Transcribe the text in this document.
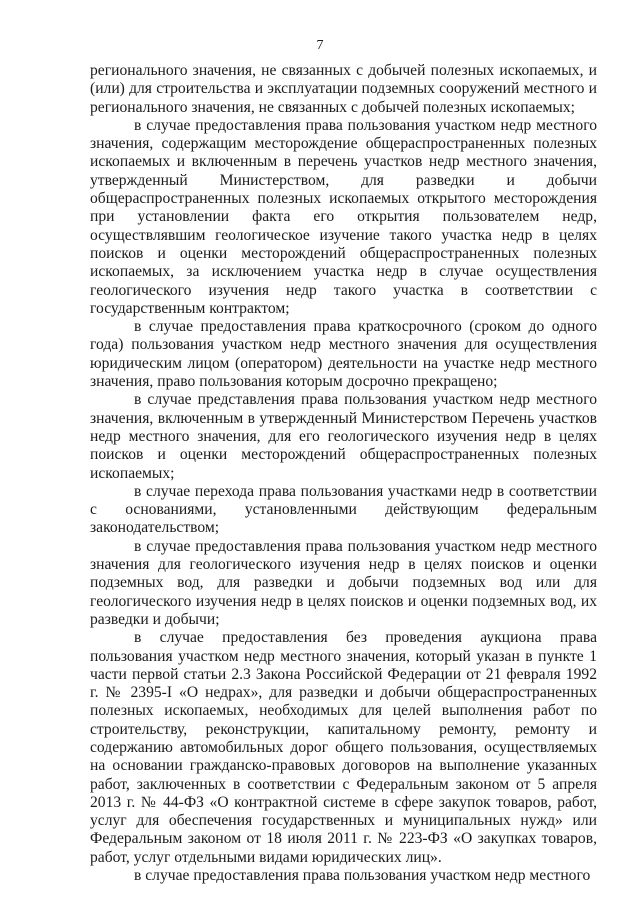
7

регионального значения, не связанных с добычей полезных ископаемых, и (или) для строительства и эксплуатации подземных сооружений местного и регионального значения, не связанных с добычей полезных ископаемых;

в случае предоставления права пользования участком недр местного значения, содержащим месторождение общераспространенных полезных ископаемых и включенным в перечень участков недр местного значения, утвержденный Министерством, для разведки и добычи общераспространенных полезных ископаемых открытого месторождения при установлении факта его открытия пользователем недр, осуществлявшим геологическое изучение такого участка недр в целях поисков и оценки месторождений общераспространенных полезных ископаемых, за исключением участка недр в случае осуществления геологического изучения недр такого участка в соответствии с государственным контрактом;

в случае предоставления права краткосрочного (сроком до одного года) пользования участком недр местного значения для осуществления юридическим лицом (оператором) деятельности на участке недр местного значения, право пользования которым досрочно прекращено;

в случае представления права пользования участком недр местного значения, включенным в утвержденный Министерством Перечень участков недр местного значения, для его геологического изучения недр в целях поисков и оценки месторождений общераспространенных полезных ископаемых;

в случае перехода права пользования участками недр в соответствии с основаниями, установленными действующим федеральным законодательством;

в случае предоставления права пользования участком недр местного значения для геологического изучения недр в целях поисков и оценки подземных вод, для разведки и добычи подземных вод или для геологического изучения недр в целях поисков и оценки подземных вод, их разведки и добычи;

в случае предоставления без проведения аукциона права пользования участком недр местного значения, который указан в пункте 1 части первой статьи 2.3 Закона Российской Федерации от 21 февраля 1992 г. № 2395-I «О недрах», для разведки и добычи общераспространенных полезных ископаемых, необходимых для целей выполнения работ по строительству, реконструкции, капитальному ремонту, ремонту и содержанию автомобильных дорог общего пользования, осуществляемых на основании гражданско-правовых договоров на выполнение указанных работ, заключенных в соответствии с Федеральным законом от 5 апреля 2013 г. № 44-ФЗ «О контрактной системе в сфере закупок товаров, работ, услуг для обеспечения государственных и муниципальных нужд» или Федеральным законом от 18 июля 2011 г. № 223-ФЗ «О закупках товаров, работ, услуг отдельными видами юридических лиц».

в случае предоставления права пользования участком недр местного
